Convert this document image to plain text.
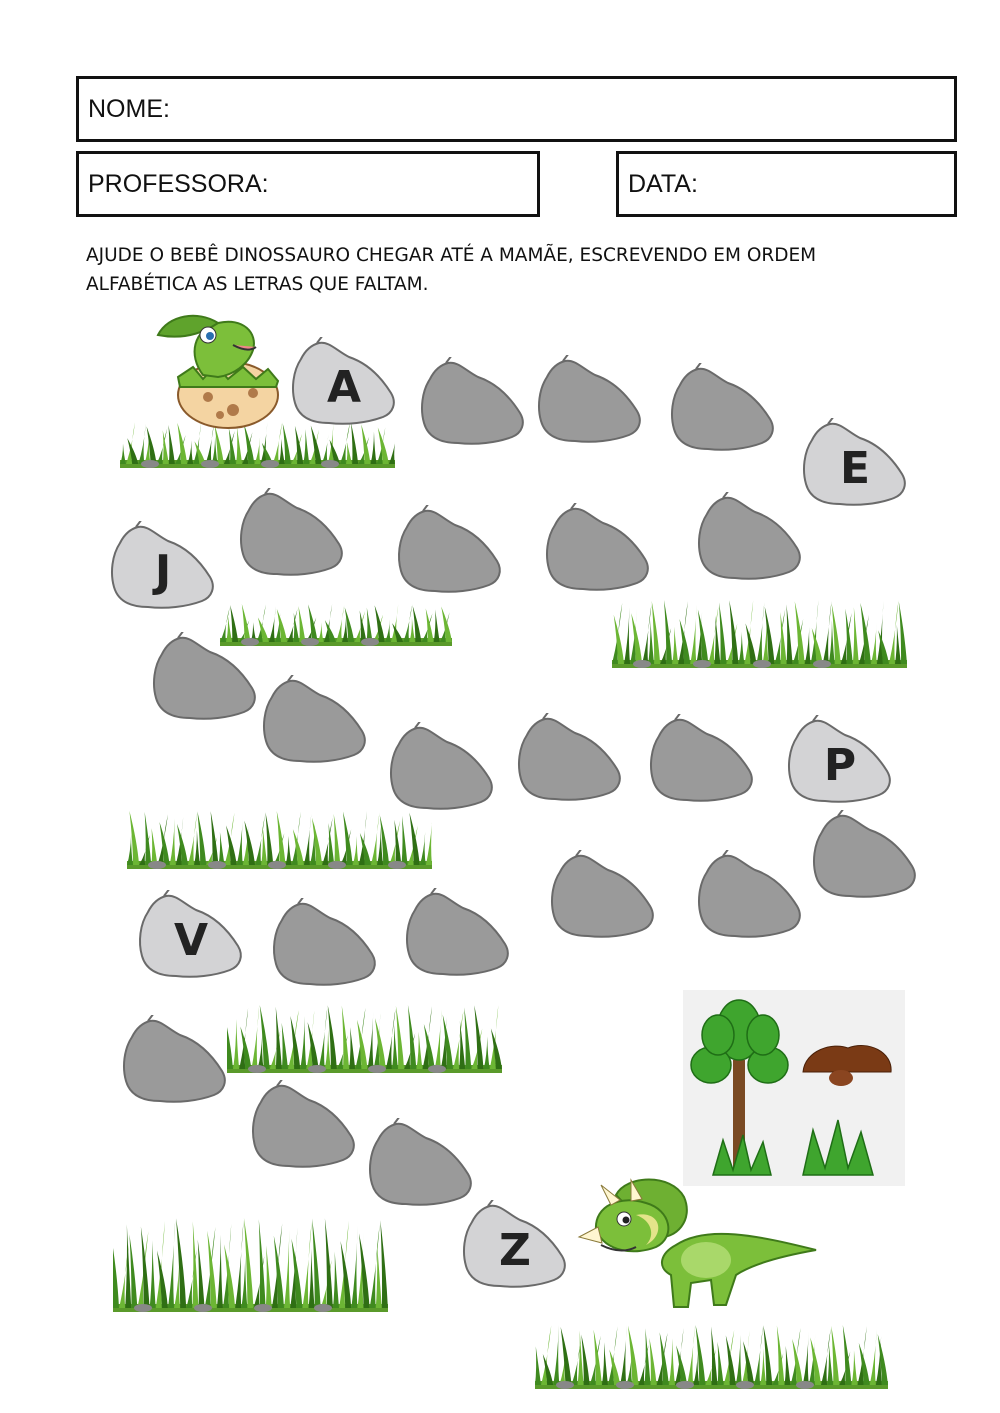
NOME:
PROFESSORA:	DATA:
AJUDE O BEBÊ DINOSSAURO CHEGAR ATÉ A MAMÃE, ESCREVENDO EM ORDEM
ALFABÉTICA AS LETRAS QUE FALTAM.
A
E
J
P
V
Z
